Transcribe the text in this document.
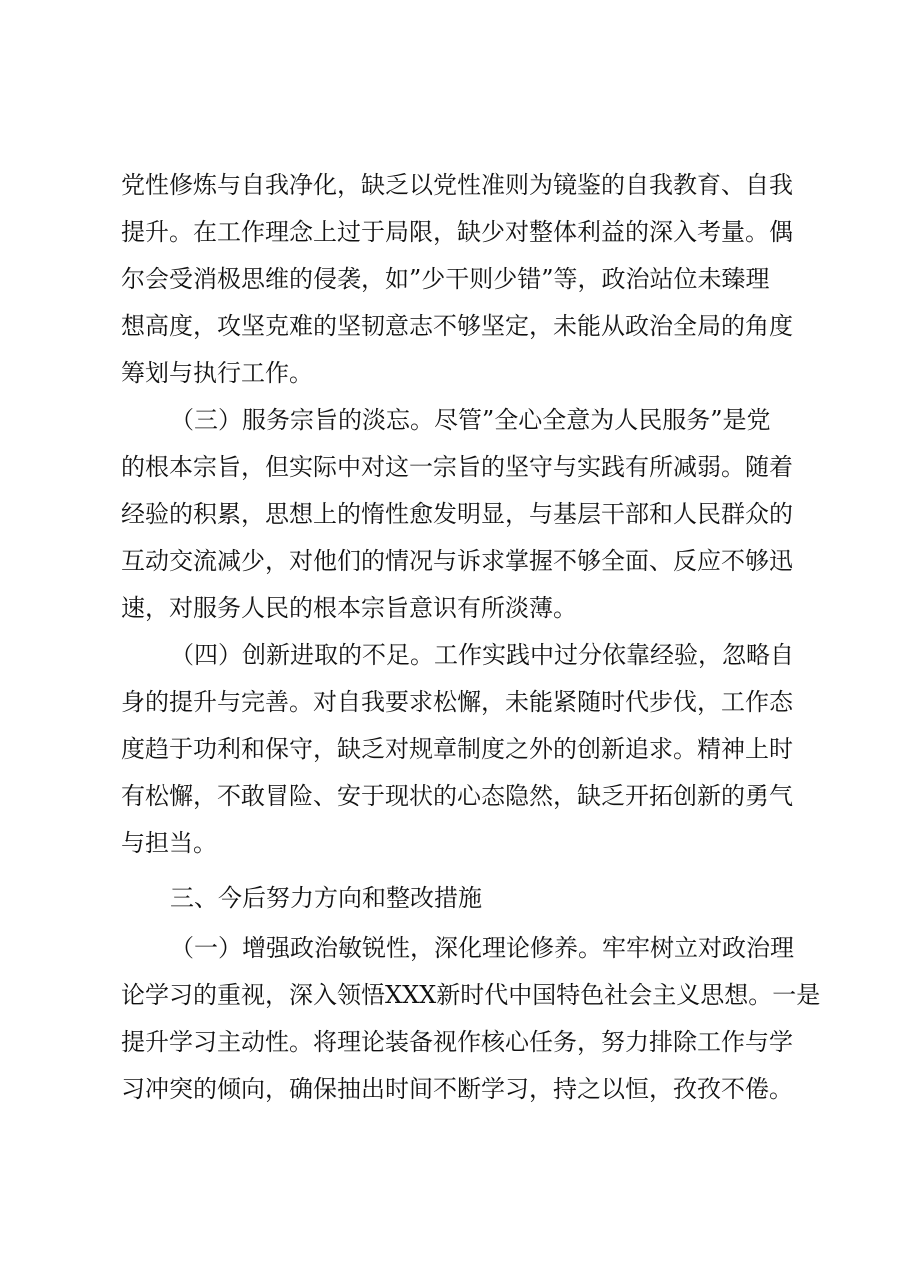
党性修炼与自我净化，缺乏以党性准则为镜鉴的自我教育、自我
提升。在工作理念上过于局限，缺少对整体利益的深入考量。偶
尔会受消极思维的侵袭，如”少干则少错”等，政治站位未臻理
想高度，攻坚克难的坚韧意志不够坚定，未能从政治全局的角度
筹划与执行工作。
（三）服务宗旨的淡忘。尽管”全心全意为人民服务”是党
的根本宗旨，但实际中对这一宗旨的坚守与实践有所减弱。随着
经验的积累，思想上的惰性愈发明显，与基层干部和人民群众的
互动交流减少，对他们的情况与诉求掌握不够全面、反应不够迅
速，对服务人民的根本宗旨意识有所淡薄。
（四）创新进取的不足。工作实践中过分依靠经验，忽略自
身的提升与完善。对自我要求松懈，未能紧随时代步伐，工作态
度趋于功利和保守，缺乏对规章制度之外的创新追求。精神上时
有松懈，不敢冒险、安于现状的心态隐然，缺乏开拓创新的勇气
与担当。
三、今后努力方向和整改措施
（一）增强政治敏锐性，深化理论修养。牢牢树立对政治理
论学习的重视，深入领悟XXX新时代中国特色社会主义思想。一是
提升学习主动性。将理论装备视作核心任务，努力排除工作与学
习冲突的倾向，确保抽出时间不断学习，持之以恒，孜孜不倦。
